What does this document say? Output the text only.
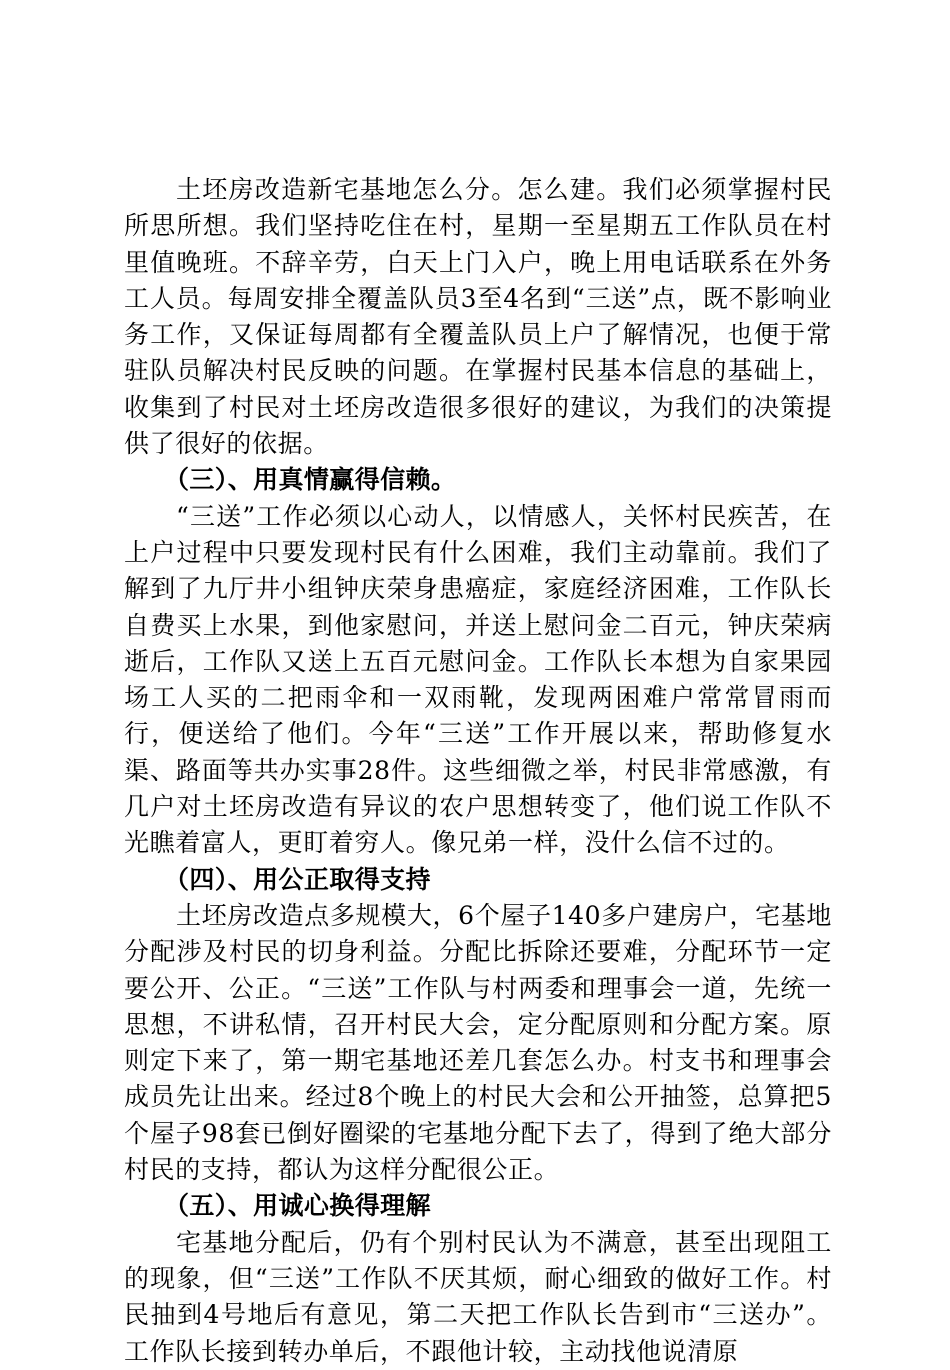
土坯房改造新宅基地怎么分。怎么建。我们必须掌握村民所思所想。我们坚持吃住在村，星期一至星期五工作队员在村里值晚班。不辞辛劳，白天上门入户，晚上用电话联系在外务工人员。每周安排全覆盖队员3至4名到“三送”点，既不影响业务工作，又保证每周都有全覆盖队员上户了解情况，也便于常驻队员解决村民反映的问题。在掌握村民基本信息的基础上，收集到了村民对土坯房改造很多很好的建议，为我们的决策提供了很好的依据。

（三）、用真情赢得信赖。

“三送”工作必须以心动人，以情感人，关怀村民疾苦，在上户过程中只要发现村民有什么困难，我们主动靠前。我们了解到了九厅井小组钟庆荣身患癌症，家庭经济困难，工作队长自费买上水果，到他家慰问，并送上慰问金二百元，钟庆荣病逝后，工作队又送上五百元慰问金。工作队长本想为自家果园场工人买的二把雨伞和一双雨靴，发现两困难户常常冒雨而行，便送给了他们。今年“三送”工作开展以来，帮助修复水渠、路面等共办实事28件。这些细微之举，村民非常感激，有几户对土坯房改造有异议的农户思想转变了，他们说工作队不光瞧着富人，更盯着穷人。像兄弟一样，没什么信不过的。

（四）、用公正取得支持

土坯房改造点多规模大，6个屋子140多户建房户，宅基地分配涉及村民的切身利益。分配比拆除还要难，分配环节一定要公开、公正。“三送”工作队与村两委和理事会一道，先统一思想，不讲私情，召开村民大会，定分配原则和分配方案。原则定下来了，第一期宅基地还差几套怎么办。村支书和理事会成员先让出来。经过8个晚上的村民大会和公开抽签，总算把5个屋子98套已倒好圈梁的宅基地分配下去了，得到了绝大部分村民的支持，都认为这样分配很公正。

（五）、用诚心换得理解

宅基地分配后，仍有个别村民认为不满意，甚至出现阻工的现象，但“三送”工作队不厌其烦，耐心细致的做好工作。村民抽到4号地后有意见，第二天把工作队长告到市“三送办”。工作队长接到转办单后，不跟他计较，主动找他说清原
